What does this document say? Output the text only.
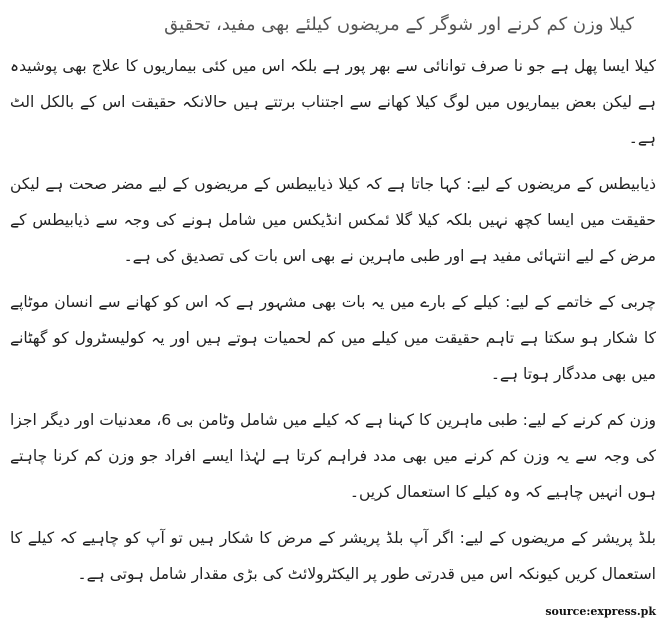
کیلا وزن کم کرنے اور شوگر کے مریضوں کیلئے بھی مفید، تحقیق

کیلا ایسا پھل ہے جو نا صرف توانائی سے بھر پور ہے بلکہ اس میں کئی بیماریوں کا علاج بھی پوشیدہ ہے لیکن بعض بیماریوں میں لوگ کیلا کھانے سے اجتناب برتتے ہیں حالانکہ حقیقت اس کے بالکل الٹ ہے۔

ذیابیطس کے مریضوں کے لیے: کہا جاتا ہے کہ کیلا ذیابیطس کے مریضوں کے لیے مضر صحت ہے لیکن حقیقت میں ایسا کچھ نہیں بلکہ کیلا گلا ئمکس انڈیکس میں شامل ہونے کی وجہ سے ذیابیطس کے مرض کے لیے انتہائی مفید ہے اور طبی ماہرین نے بھی اس بات کی تصدیق کی ہے۔

چربی کے خاتمے کے لیے: کیلے کے بارے میں یہ بات بھی مشہور ہے کہ اس کو کھانے سے انسان موٹاپے کا شکار ہو سکتا ہے تاہم حقیقت میں کیلے میں کم لحمیات ہوتے ہیں اور یہ کولیسٹرول کو گھٹانے میں بھی مددگار ہوتا ہے۔

وزن کم کرنے کے لیے: طبی ماہرین کا کہنا ہے کہ کیلے میں شامل وٹامن بی 6، معدنیات اور دیگر اجزا کی وجہ سے یہ وزن کم کرنے میں بھی مدد فراہم کرتا ہے لہٰذا ایسے افراد جو وزن کم کرنا چاہتے ہوں انہیں چاہیے کہ وہ کیلے کا استعمال کریں۔

بلڈ پریشر کے مریضوں کے لیے: اگر آپ بلڈ پریشر کے مرض کا شکار ہیں تو آپ کو چاہیے کہ کیلے کا استعمال کریں کیونکہ اس میں قدرتی طور پر الیکٹرولائٹ کی بڑی مقدار شامل ہوتی ہے۔

source:express.pk
